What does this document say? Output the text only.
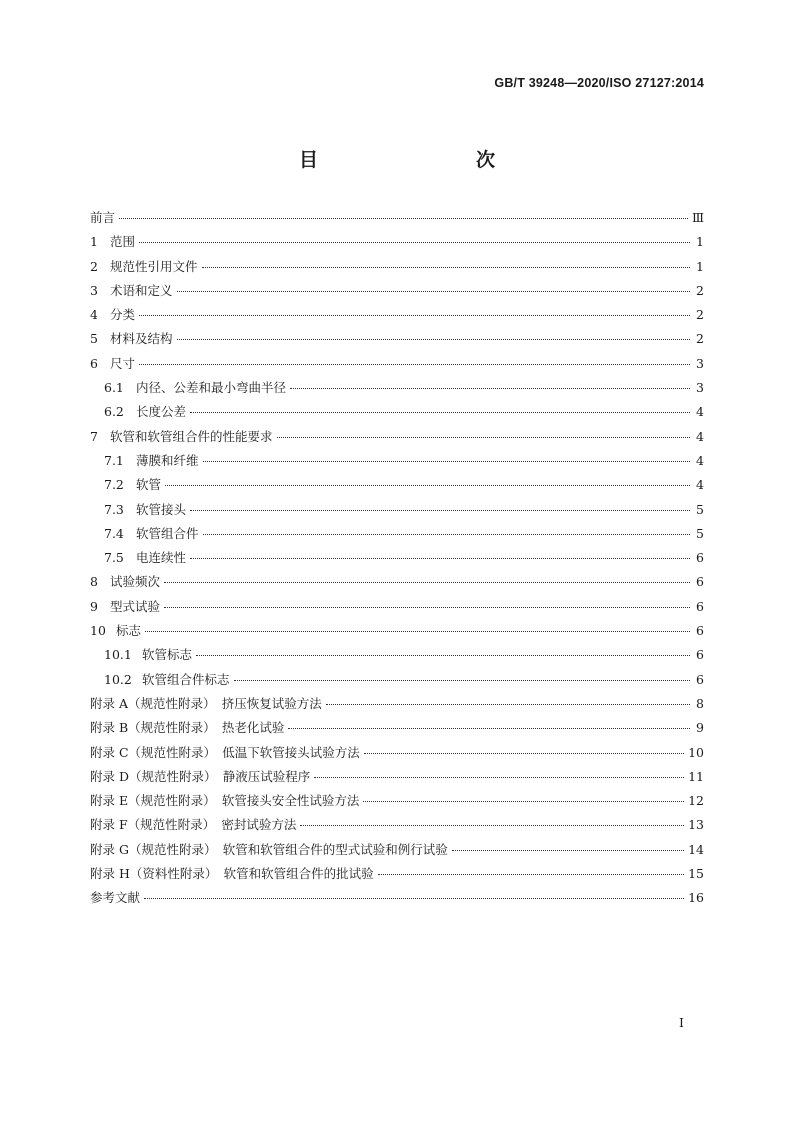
GB/T 39248—2020/ISO 27127:2014
目　　次
前言	Ⅲ
1 范围	1
2 规范性引用文件	1
3 术语和定义	2
4 分类	2
5 材料及结构	2
6 尺寸	3
6.1 内径、公差和最小弯曲半径	3
6.2 长度公差	4
7 软管和软管组合件的性能要求	4
7.1 薄膜和纤维	4
7.2 软管	4
7.3 软管接头	5
7.4 软管组合件	5
7.5 电连续性	6
8 试验频次	6
9 型式试验	6
10 标志	6
10.1 软管标志	6
10.2 软管组合件标志	6
附录 A（规范性附录）　挤压恢复试验方法	8
附录 B（规范性附录）　热老化试验	9
附录 C（规范性附录）　低温下软管接头试验方法	10
附录 D（规范性附录）　静液压试验程序	11
附录 E（规范性附录）　软管接头安全性试验方法	12
附录 F（规范性附录）　密封试验方法	13
附录 G（规范性附录）　软管和软管组合件的型式试验和例行试验	14
附录 H（资料性附录）　软管和软管组合件的批试验	15
参考文献	16
Ⅰ
